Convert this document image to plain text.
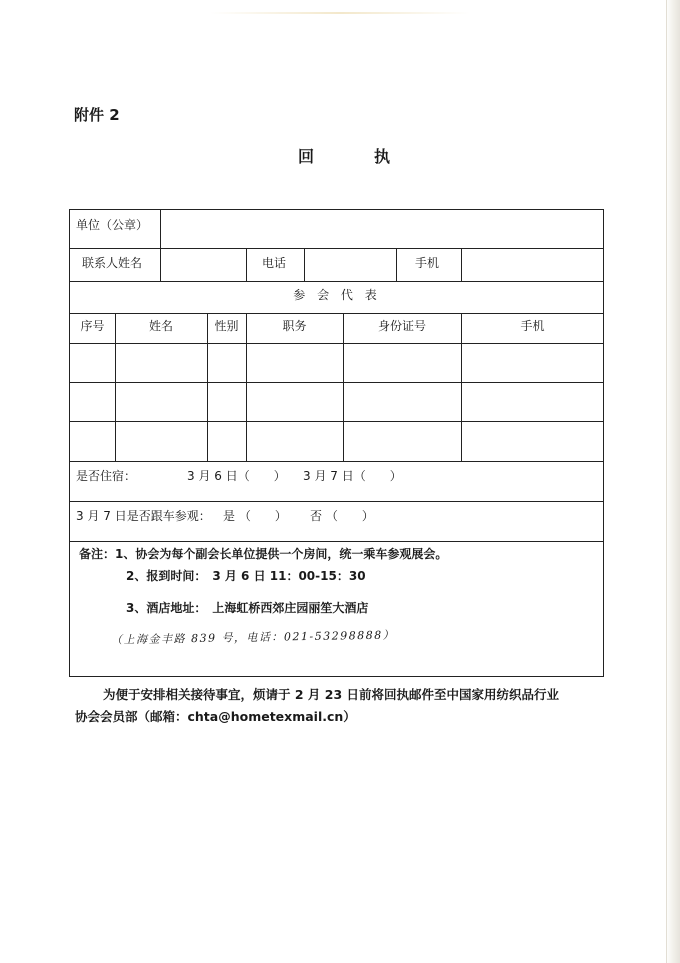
附件 2
回执
单位（公章）
联系人姓名	电话	手机
参 会 代 表
序号	姓名	性别	职务	身份证号	手机
是否住宿：	3 月 6 日（　　） 3 月 7 日（　　）
3 月 7 日是否跟车参观： 是 （　　） 否 （　　）
备注：1、协会为每个副会长单位提供一个房间，统一乘车参观展会。
2、报到时间：　3 月 6 日 11：00-15：30
3、酒店地址：　上海虹桥西郊庄园丽笙大酒店
（上海金丰路 839 号，电话：021-53298888）
为便于安排相关接待事宜，烦请于 2 月 23 日前将回执邮件至中国家用纺织品行业
协会会员部（邮箱：chta@hometexmail.cn）
